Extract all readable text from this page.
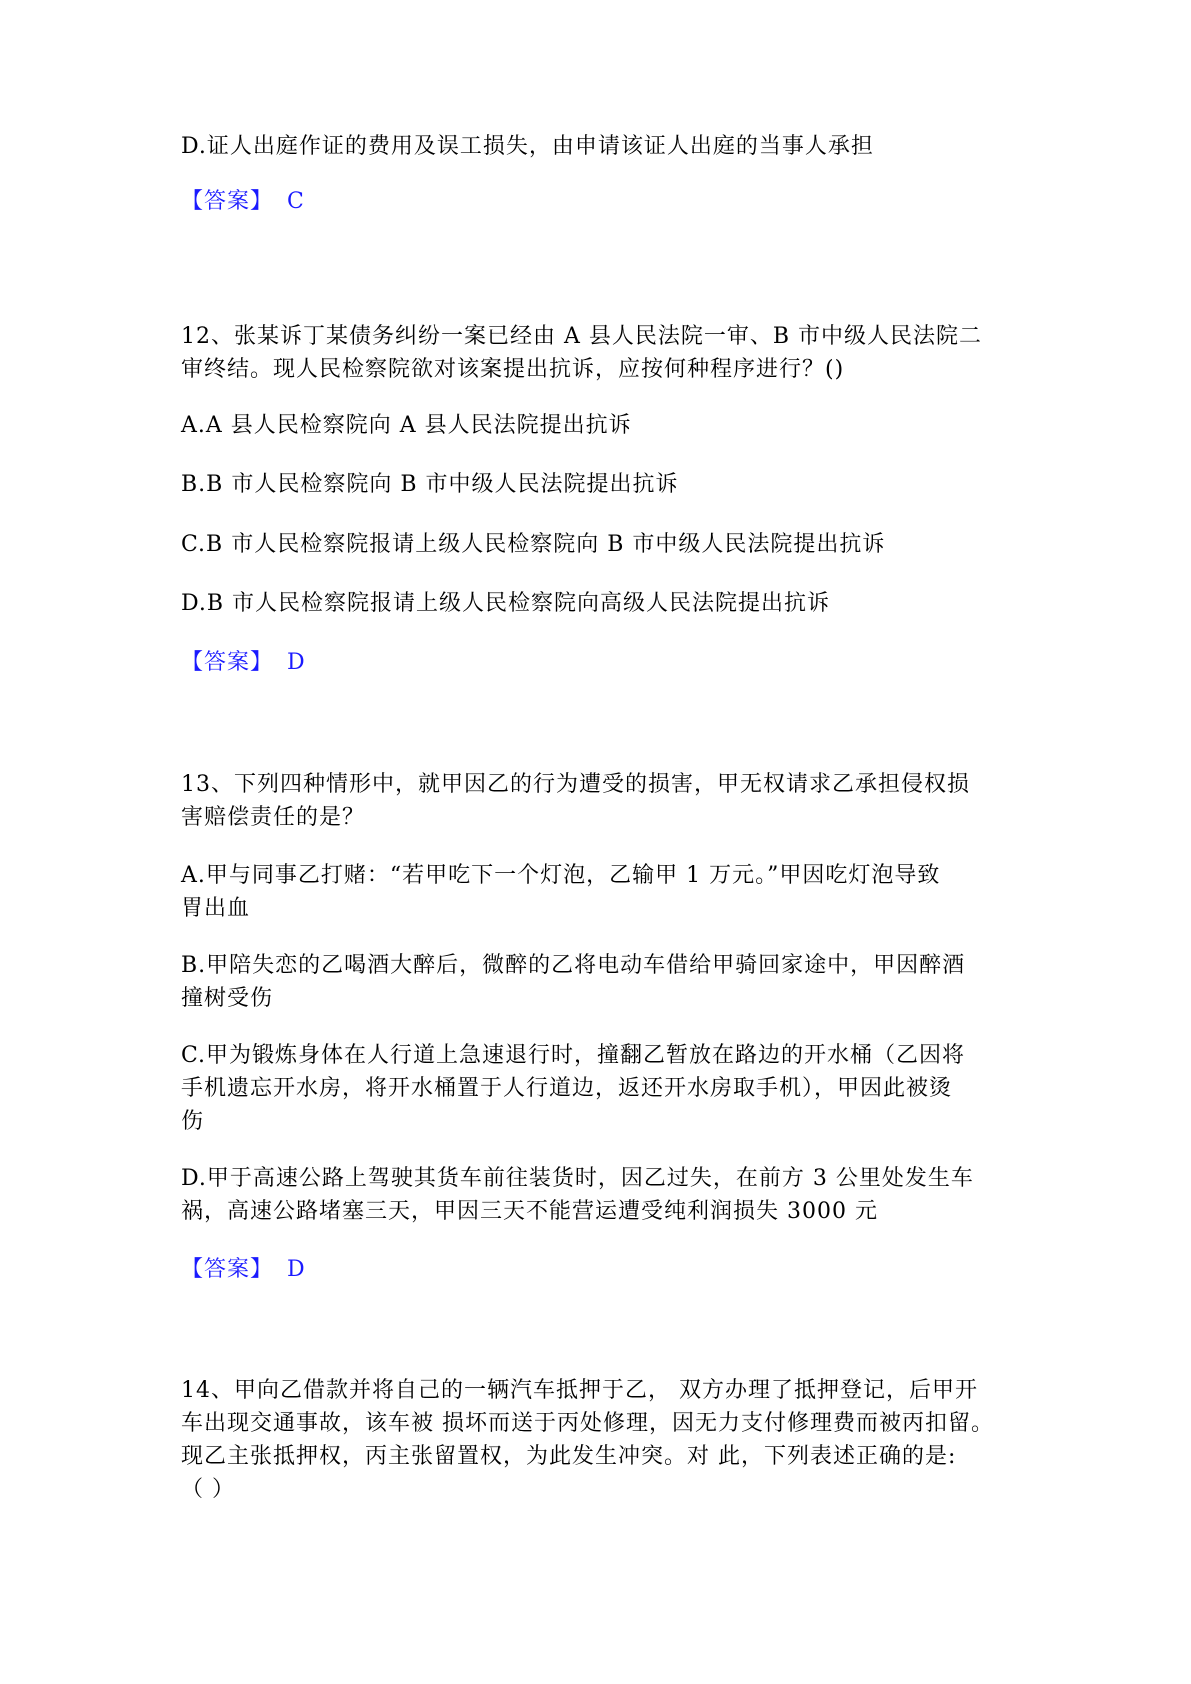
D.证人出庭作证的费用及误工损失，由申请该证人出庭的当事人承担
【答案】 C
12、张某诉丁某债务纠纷一案已经由 A 县人民法院一审、B 市中级人民法院二
审终结。现人民检察院欲对该案提出抗诉，应按何种程序进行？()
A.A 县人民检察院向 A 县人民法院提出抗诉
B.B 市人民检察院向 B 市中级人民法院提出抗诉
C.B 市人民检察院报请上级人民检察院向 B 市中级人民法院提出抗诉
D.B 市人民检察院报请上级人民检察院向高级人民法院提出抗诉
【答案】 D
13、下列四种情形中，就甲因乙的行为遭受的损害，甲无权请求乙承担侵权损
害赔偿责任的是？
A.甲与同事乙打赌：“若甲吃下一个灯泡，乙输甲 1 万元。”甲因吃灯泡导致
胃出血
B.甲陪失恋的乙喝酒大醉后，微醉的乙将电动车借给甲骑回家途中，甲因醉酒
撞树受伤
C.甲为锻炼身体在人行道上急速退行时，撞翻乙暂放在路边的开水桶（乙因将
手机遗忘开水房，将开水桶置于人行道边，返还开水房取手机），甲因此被烫
伤
D.甲于高速公路上驾驶其货车前往装货时，因乙过失，在前方 3 公里处发生车
祸，高速公路堵塞三天，甲因三天不能营运遭受纯利润损失 3000 元
【答案】 D
14、甲向乙借款并将自己的一辆汽车抵押于乙， 双方办理了抵押登记，后甲开
车出现交通事故，该车被 损坏而送于丙处修理，因无力支付修理费而被丙扣留。
现乙主张抵押权，丙主张留置权，为此发生冲突。对 此，下列表述正确的是:
（ ）
